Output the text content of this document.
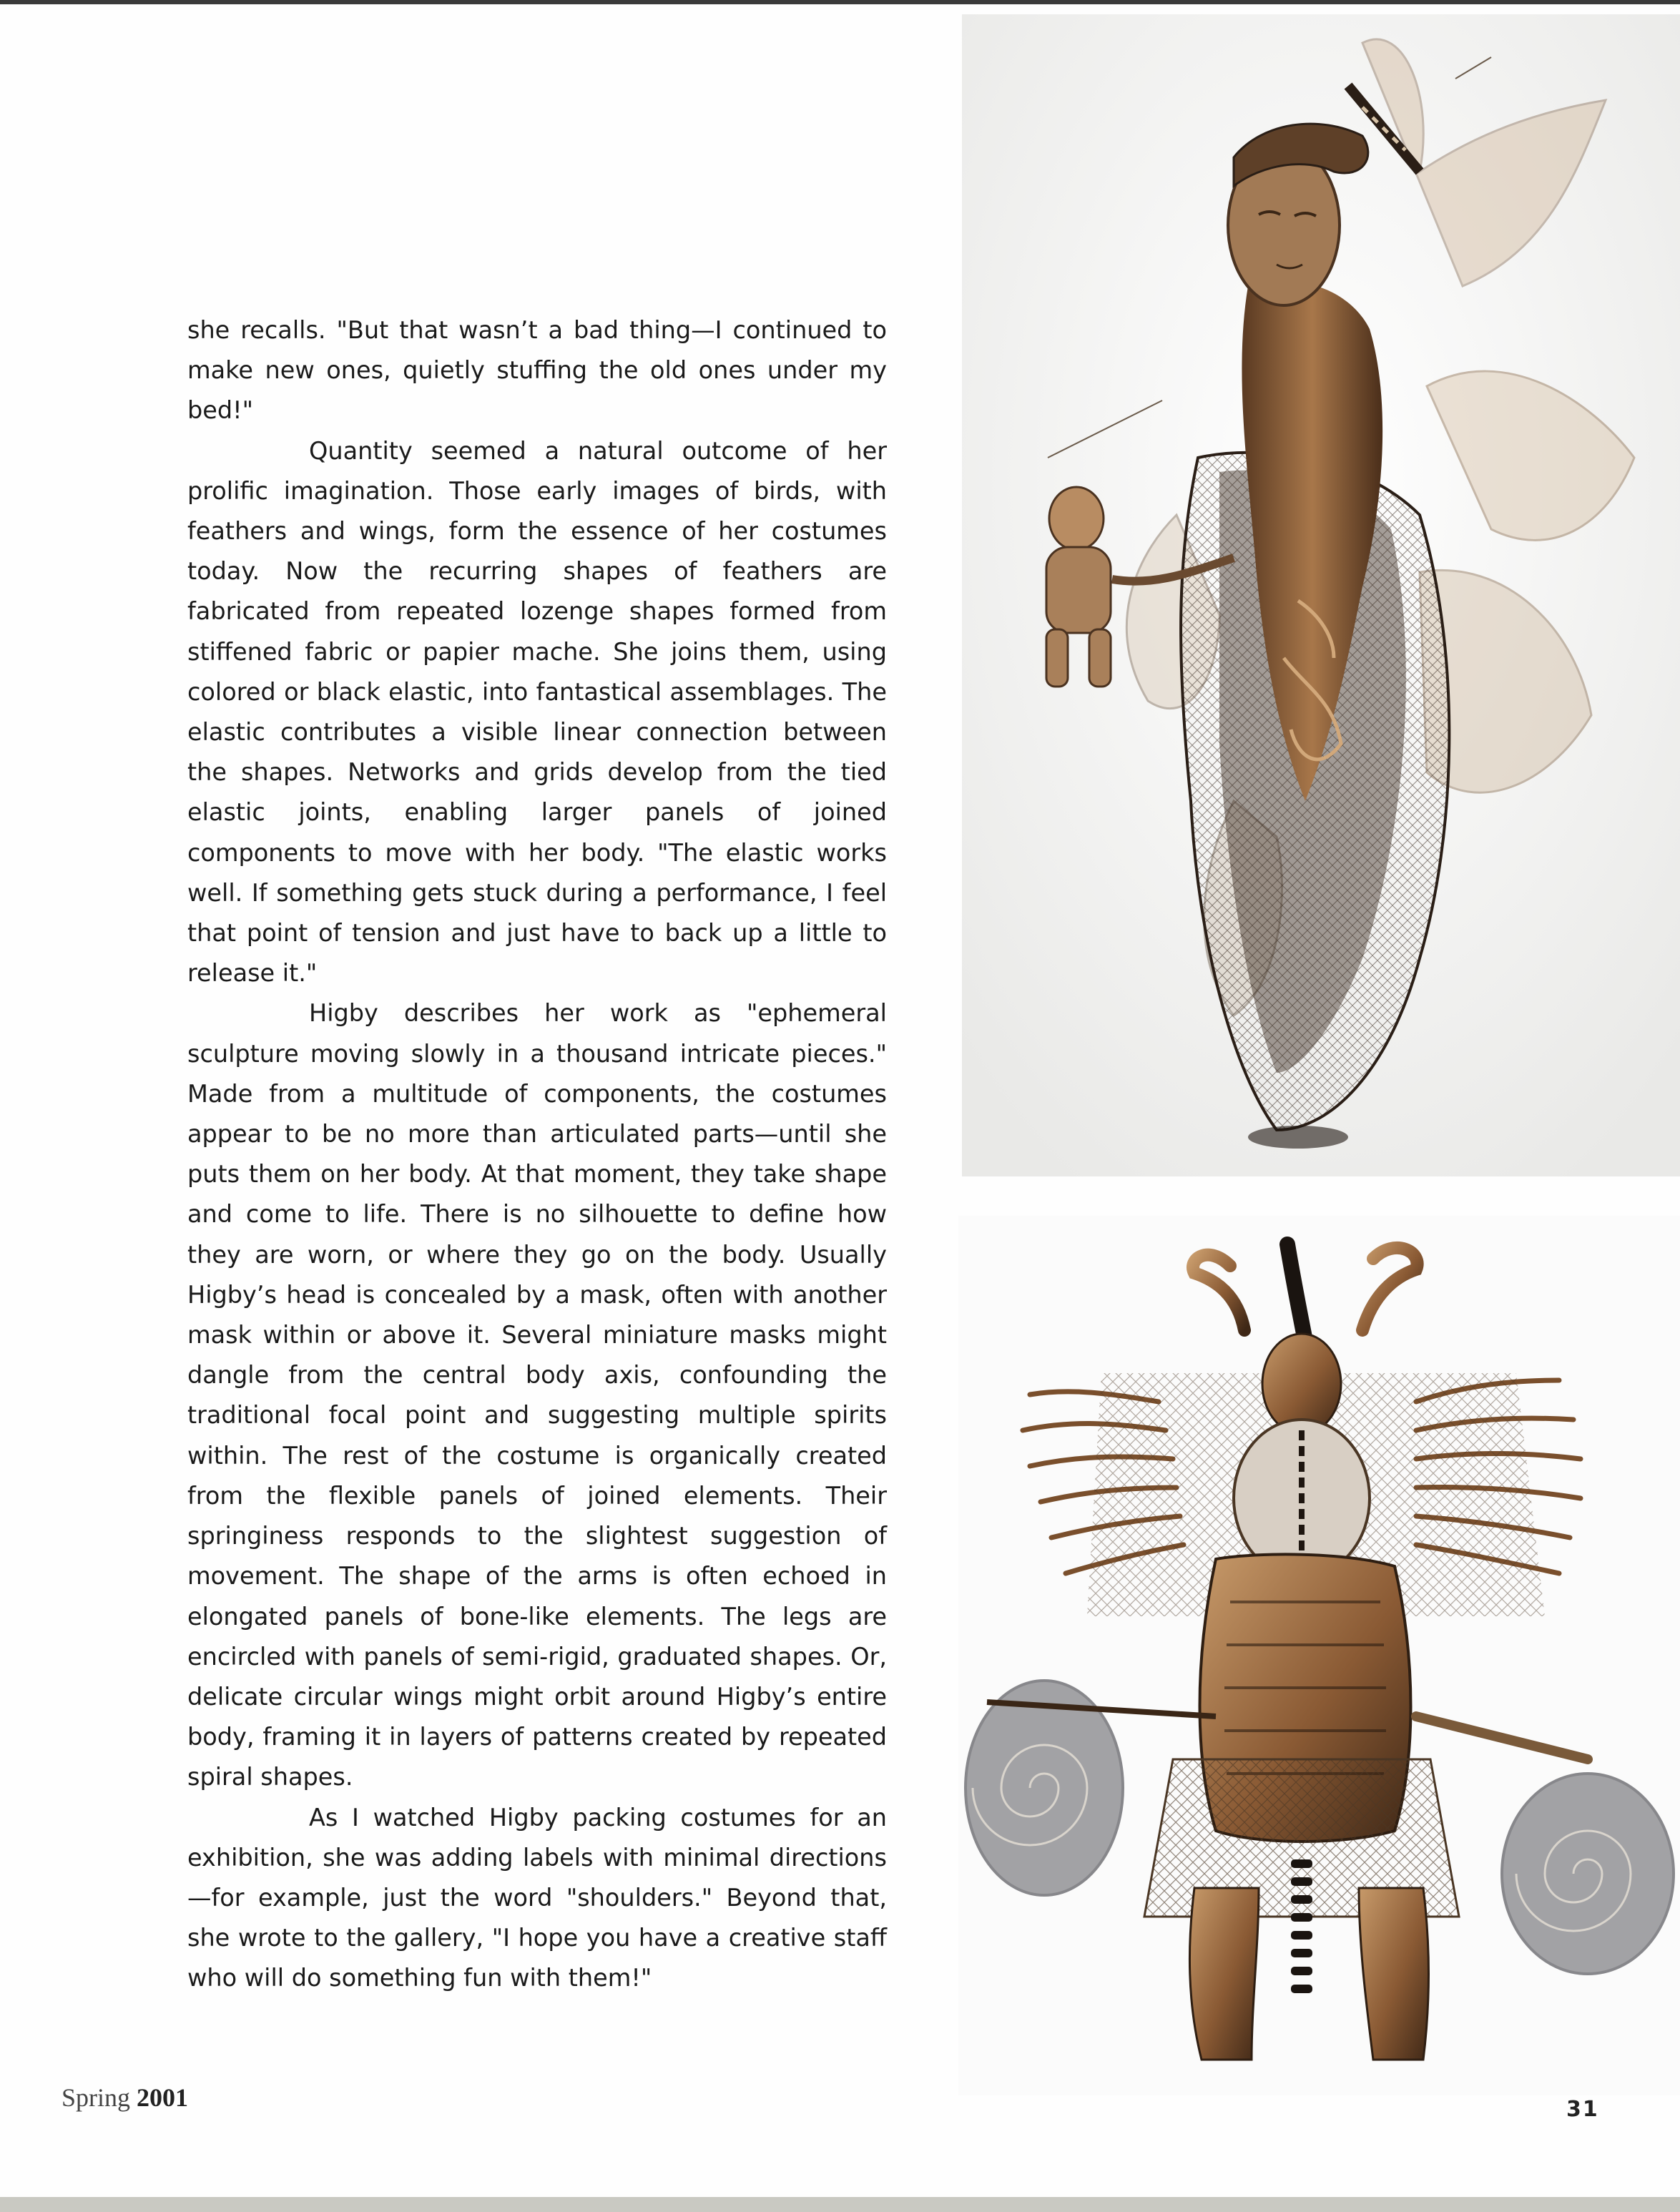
she recalls. "But that wasn’t a bad thing—I continued to make new ones, quietly stuffing the old ones under my bed!"

Quantity seemed a natural outcome of her prolific imagination. Those early images of birds, with feathers and wings, form the essence of her costumes today. Now the recurring shapes of feathers are fabricated from repeated lozenge shapes formed from stiffened fabric or papier mache. She joins them, using colored or black elastic, into fantastical assemblages. The elastic contributes a visible linear connection between the shapes. Networks and grids develop from the tied elastic joints, enabling larger panels of joined components to move with her body. "The elastic works well. If something gets stuck during a performance, I feel that point of tension and just have to back up a little to release it."

Higby describes her work as "ephemeral sculpture moving slowly in a thousand intricate pieces." Made from a multitude of components, the costumes appear to be no more than articulated parts—until she puts them on her body. At that moment, they take shape and come to life. There is no silhouette to define how they are worn, or where they go on the body. Usually Higby’s head is concealed by a mask, often with another mask within or above it. Several miniature masks might dangle from the central body axis, confounding the traditional focal point and suggesting multiple spirits within. The rest of the costume is organically created from the flexible panels of joined elements. Their springiness responds to the slightest suggestion of movement. The shape of the arms is often echoed in elongated panels of bone-like elements. The legs are encircled with panels of semi-rigid, graduated shapes. Or, delicate circular wings might orbit around Higby’s entire body, framing it in layers of patterns created by repeated spiral shapes.

As I watched Higby packing costumes for an exhibition, she was adding labels with minimal directions—for example, just the word "shoulders." Beyond that, she wrote to the gallery, "I hope you have a creative staff who will do something fun with them!"

Spring 2001	31
